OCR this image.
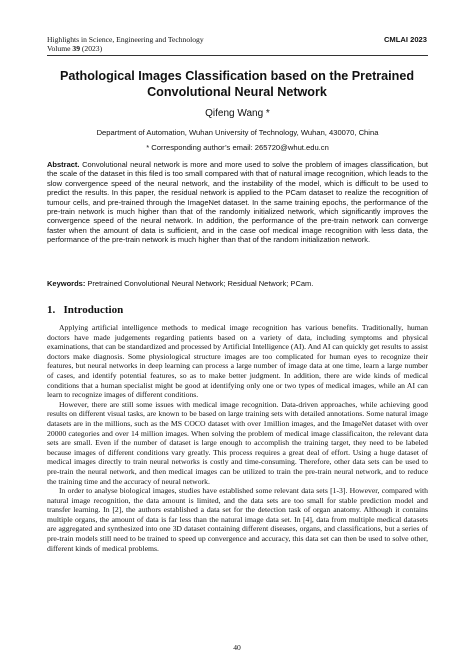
Highlights in Science, Engineering and Technology
Volume 39 (2023)
CMLAI 2023
Pathological Images Classification based on the Pretrained Convolutional Neural Network
Qifeng Wang *
Department of Automation, Wuhan University of Technology, Wuhan, 430070, China
* Corresponding author’s email: 265720@whut.edu.cn
Abstract. Convolutional neural network is more and more used to solve the problem of images classification, but the scale of the dataset in this filed is too small compared with that of natural image recognition, which leads to the slow convergence speed of the neural network, and the instability of the model, which is difficult to be used to predict the results. In this paper, the residual network is applied to the PCam dataset to realize the recognition of tumour cells, and pre-trained through the ImageNet dataset. In the same training epochs, the performance of the pre-train network is much higher than that of the randomly initialized network, which significantly improves the convergence speed of the neural network. In addition, the performance of the pre-train network can converge faster when the amount of data is sufficient, and in the case oof medical image recognition with less data, the performance of the pre-train network is much higher than that of the random initialization network.
Keywords: Pretrained Convolutional Neural Network; Residual Network; PCam.
1. Introduction

Applying artificial intelligence methods to medical image recognition has various benefits. Traditionally, human doctors have made judgements regarding patients based on a variety of data, including symptoms and physical examinations, that can be standardized and processed by Artificial Intelligence (AI). And AI can quickly get results to assist doctors make diagnosis. Some physiological structure images are too complicated for human eyes to recognize their features, but neural networks in deep learning can process a large number of image data at one time, learn a large number of cases, and identify potential features, so as to make better judgment. In addition, there are wide kinds of medical conditions that a human specialist might be good at identifying only one or two types of medical images, while an AI can learn to recognize images of different conditions.

However, there are still some issues with medical image recognition. Data-driven approaches, while achieving good results on different visual tasks, are known to be based on large training sets with detailed annotations. Some natural image datasets are in the millions, such as the MS COCO dataset with over 1million images, and the ImageNet dataset with over 20000 categories and over 14 million images. When solving the problem of medical image classificaiton, the relevant data sets are small. Even if the number of dataset is large enough to accomplish the training target, they need to be labeled because images of different conditions vary greatly. This process requires a great deal of effort. Using a huge dataset of medical images directly to train neural networks is costly and time-consuming. Therefore, other data sets can be used to pre-train the neural network, and then medical images can be utilized to train the pre-train neural network, and to reduce the training time and the accuracy of neural network.

In order to analyse biological images, studies have established some relevant data sets [1-3]. However, compared with natural image recognition, the data amount is limited, and the data sets are too small for stable prediction model and transfer learning. In [2], the authors established a data set for the detection task of organ anatomy. Although it contains multiple organs, the amount of data is far less than the natural image data set. In [4], data from multiple medical datasets are aggregated and synthesized into one 3D dataset containing different diseases, organs, and classifications, but a series of pre-train models still need to be trained to speed up convergence and accuracy, this data set can then be used to solve other, different kinds of medical problems.

40
